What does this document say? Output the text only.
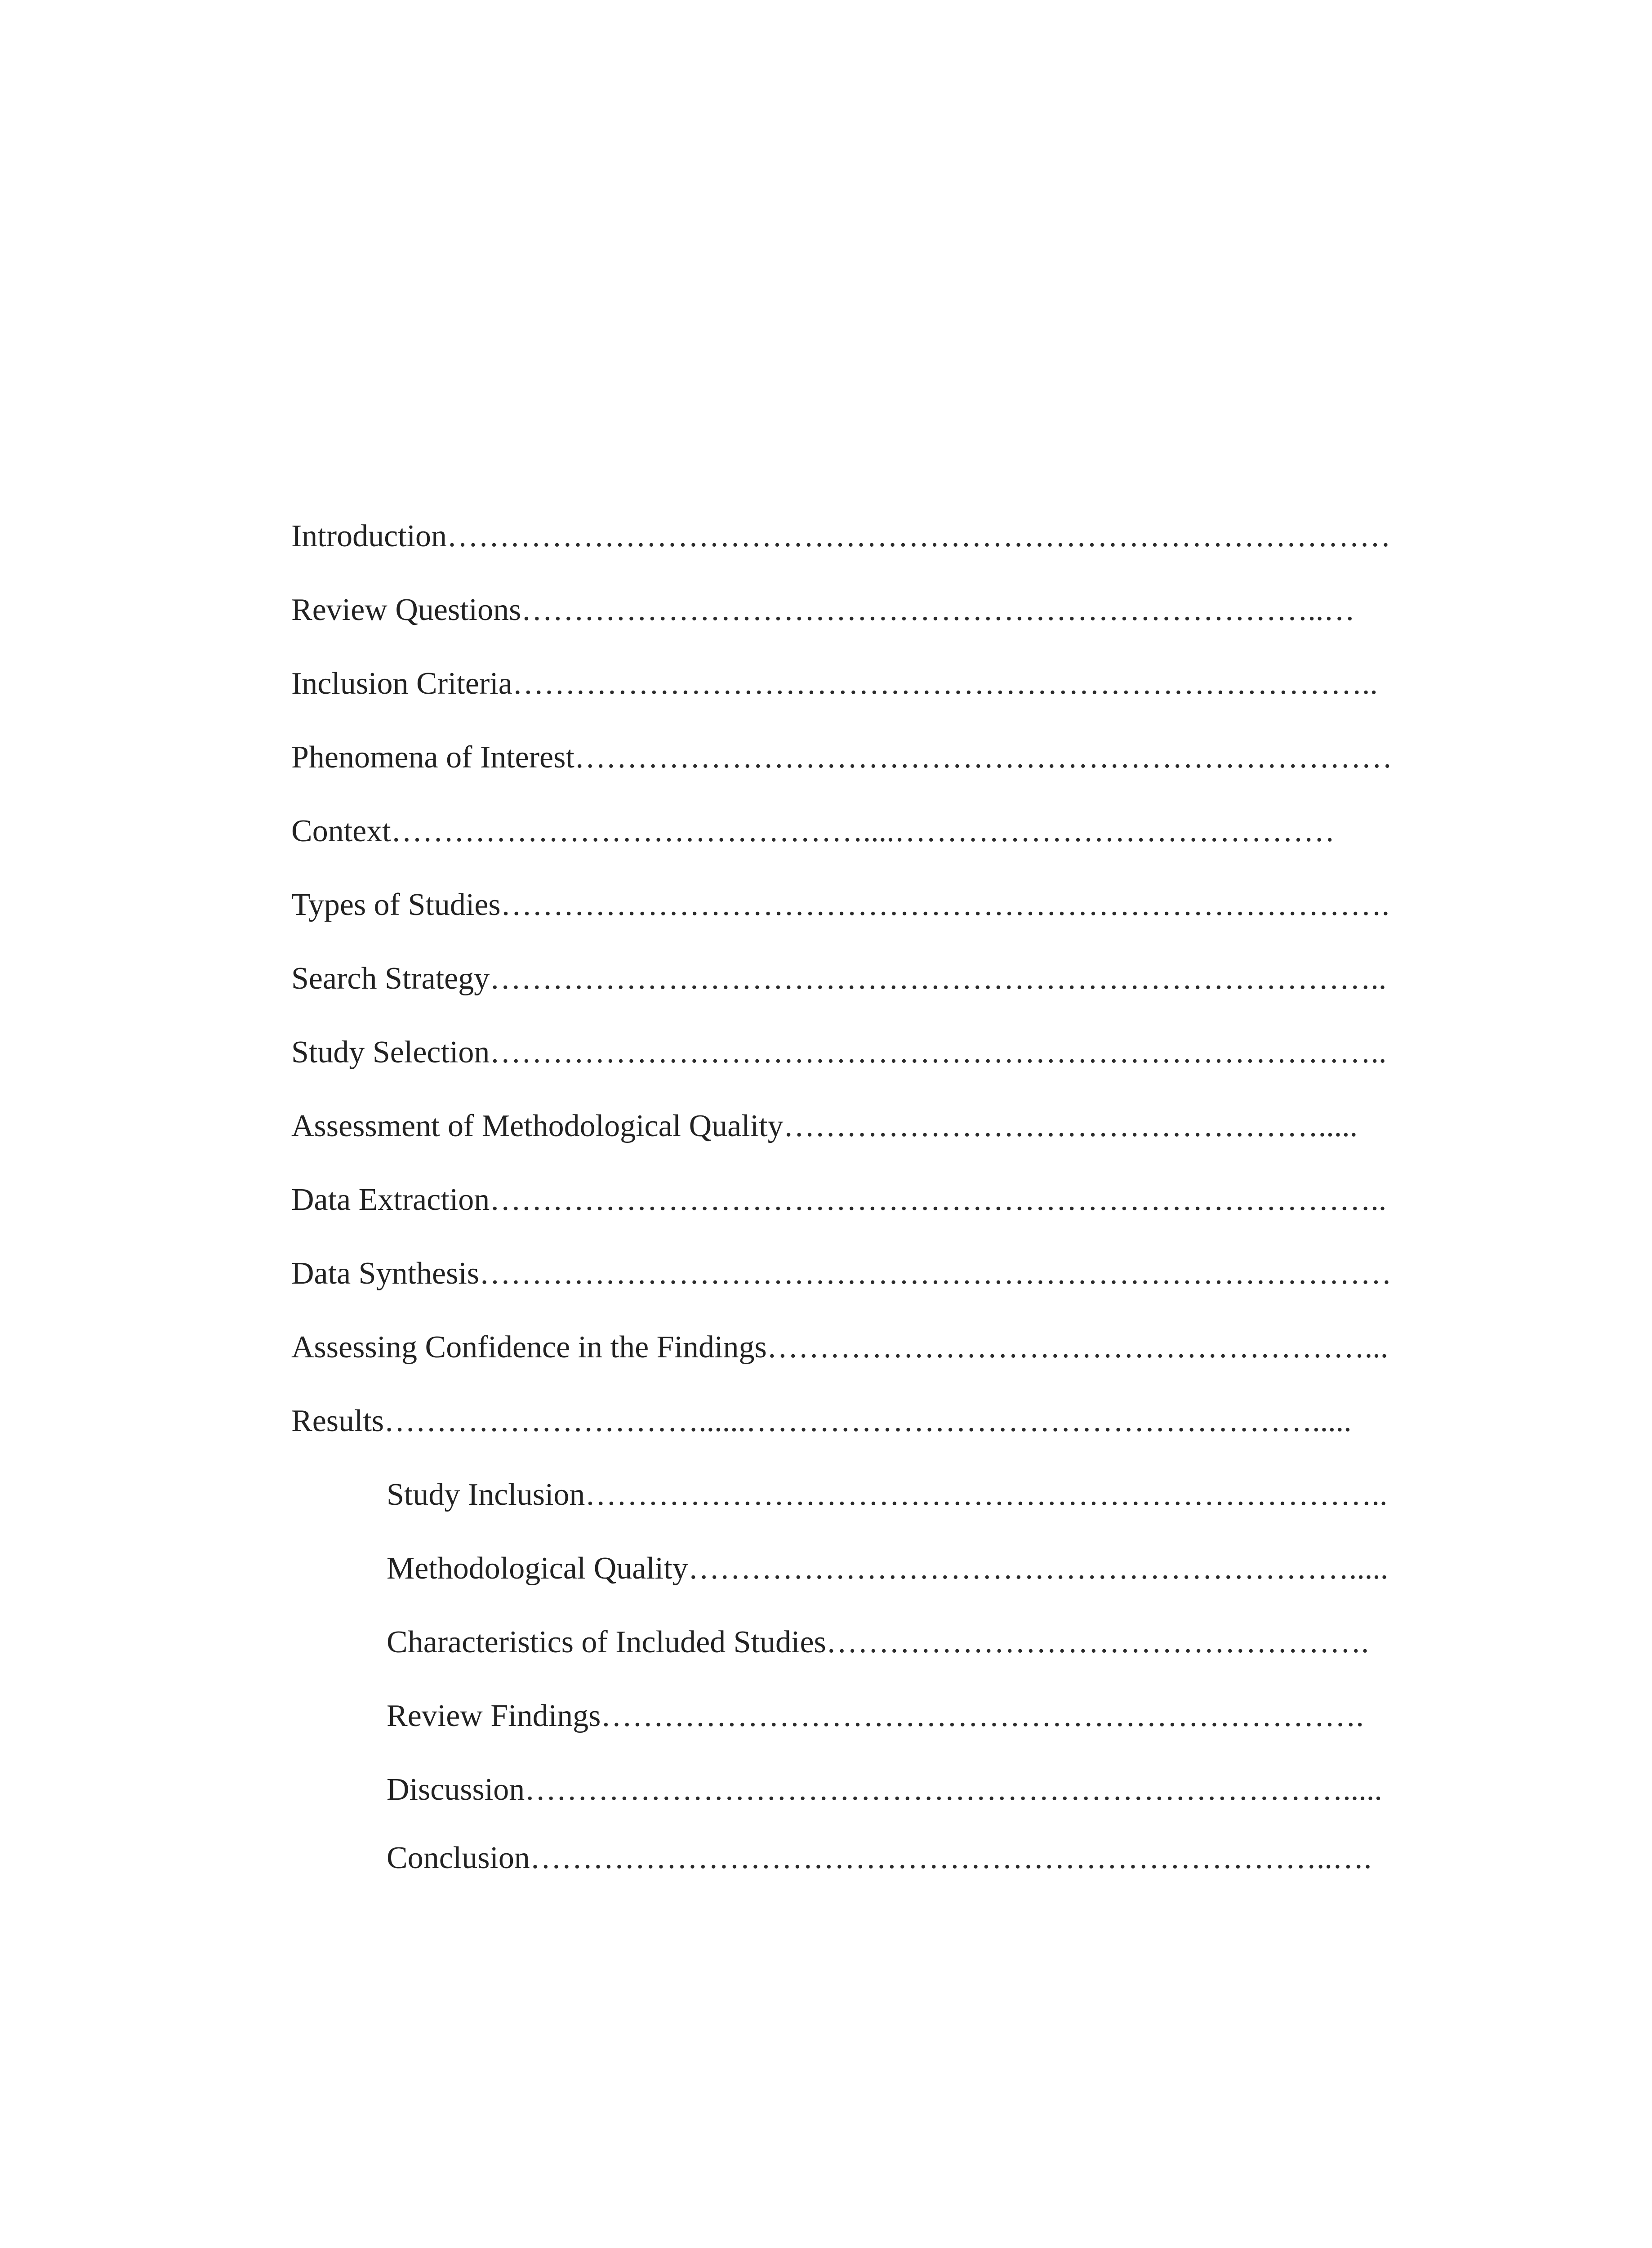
Introduction………………………………………………………………………………
Review Questions…………………………………………………………………..…
Inclusion Criteria………………………………………………………………………..
Phenomena of Interest……………………………………………………………………
Context………………………………………....……………………………………
Types of Studies………………………………………………………………………….
Search Strategy…………………………………………………………………………..
Study Selection…………………………………………………………………………..
Assessment of Methodological Quality…………………………………………….....
Data Extraction…………………………………………………………………………..
Data Synthesis……………………………………………………………………………
Assessing Confidence in the Findings…………………………………………………...
Results…………………………......……………………………………………….....
Study Inclusion…………………………………………………………………..
Methodological Quality……………………………………………………….....
Characteristics of Included Studies…………………………………………….
Review Findings……………………………………………………………….
Discussion…………………………………………………………………….....
Conclusion…………………………………………………………………..….
